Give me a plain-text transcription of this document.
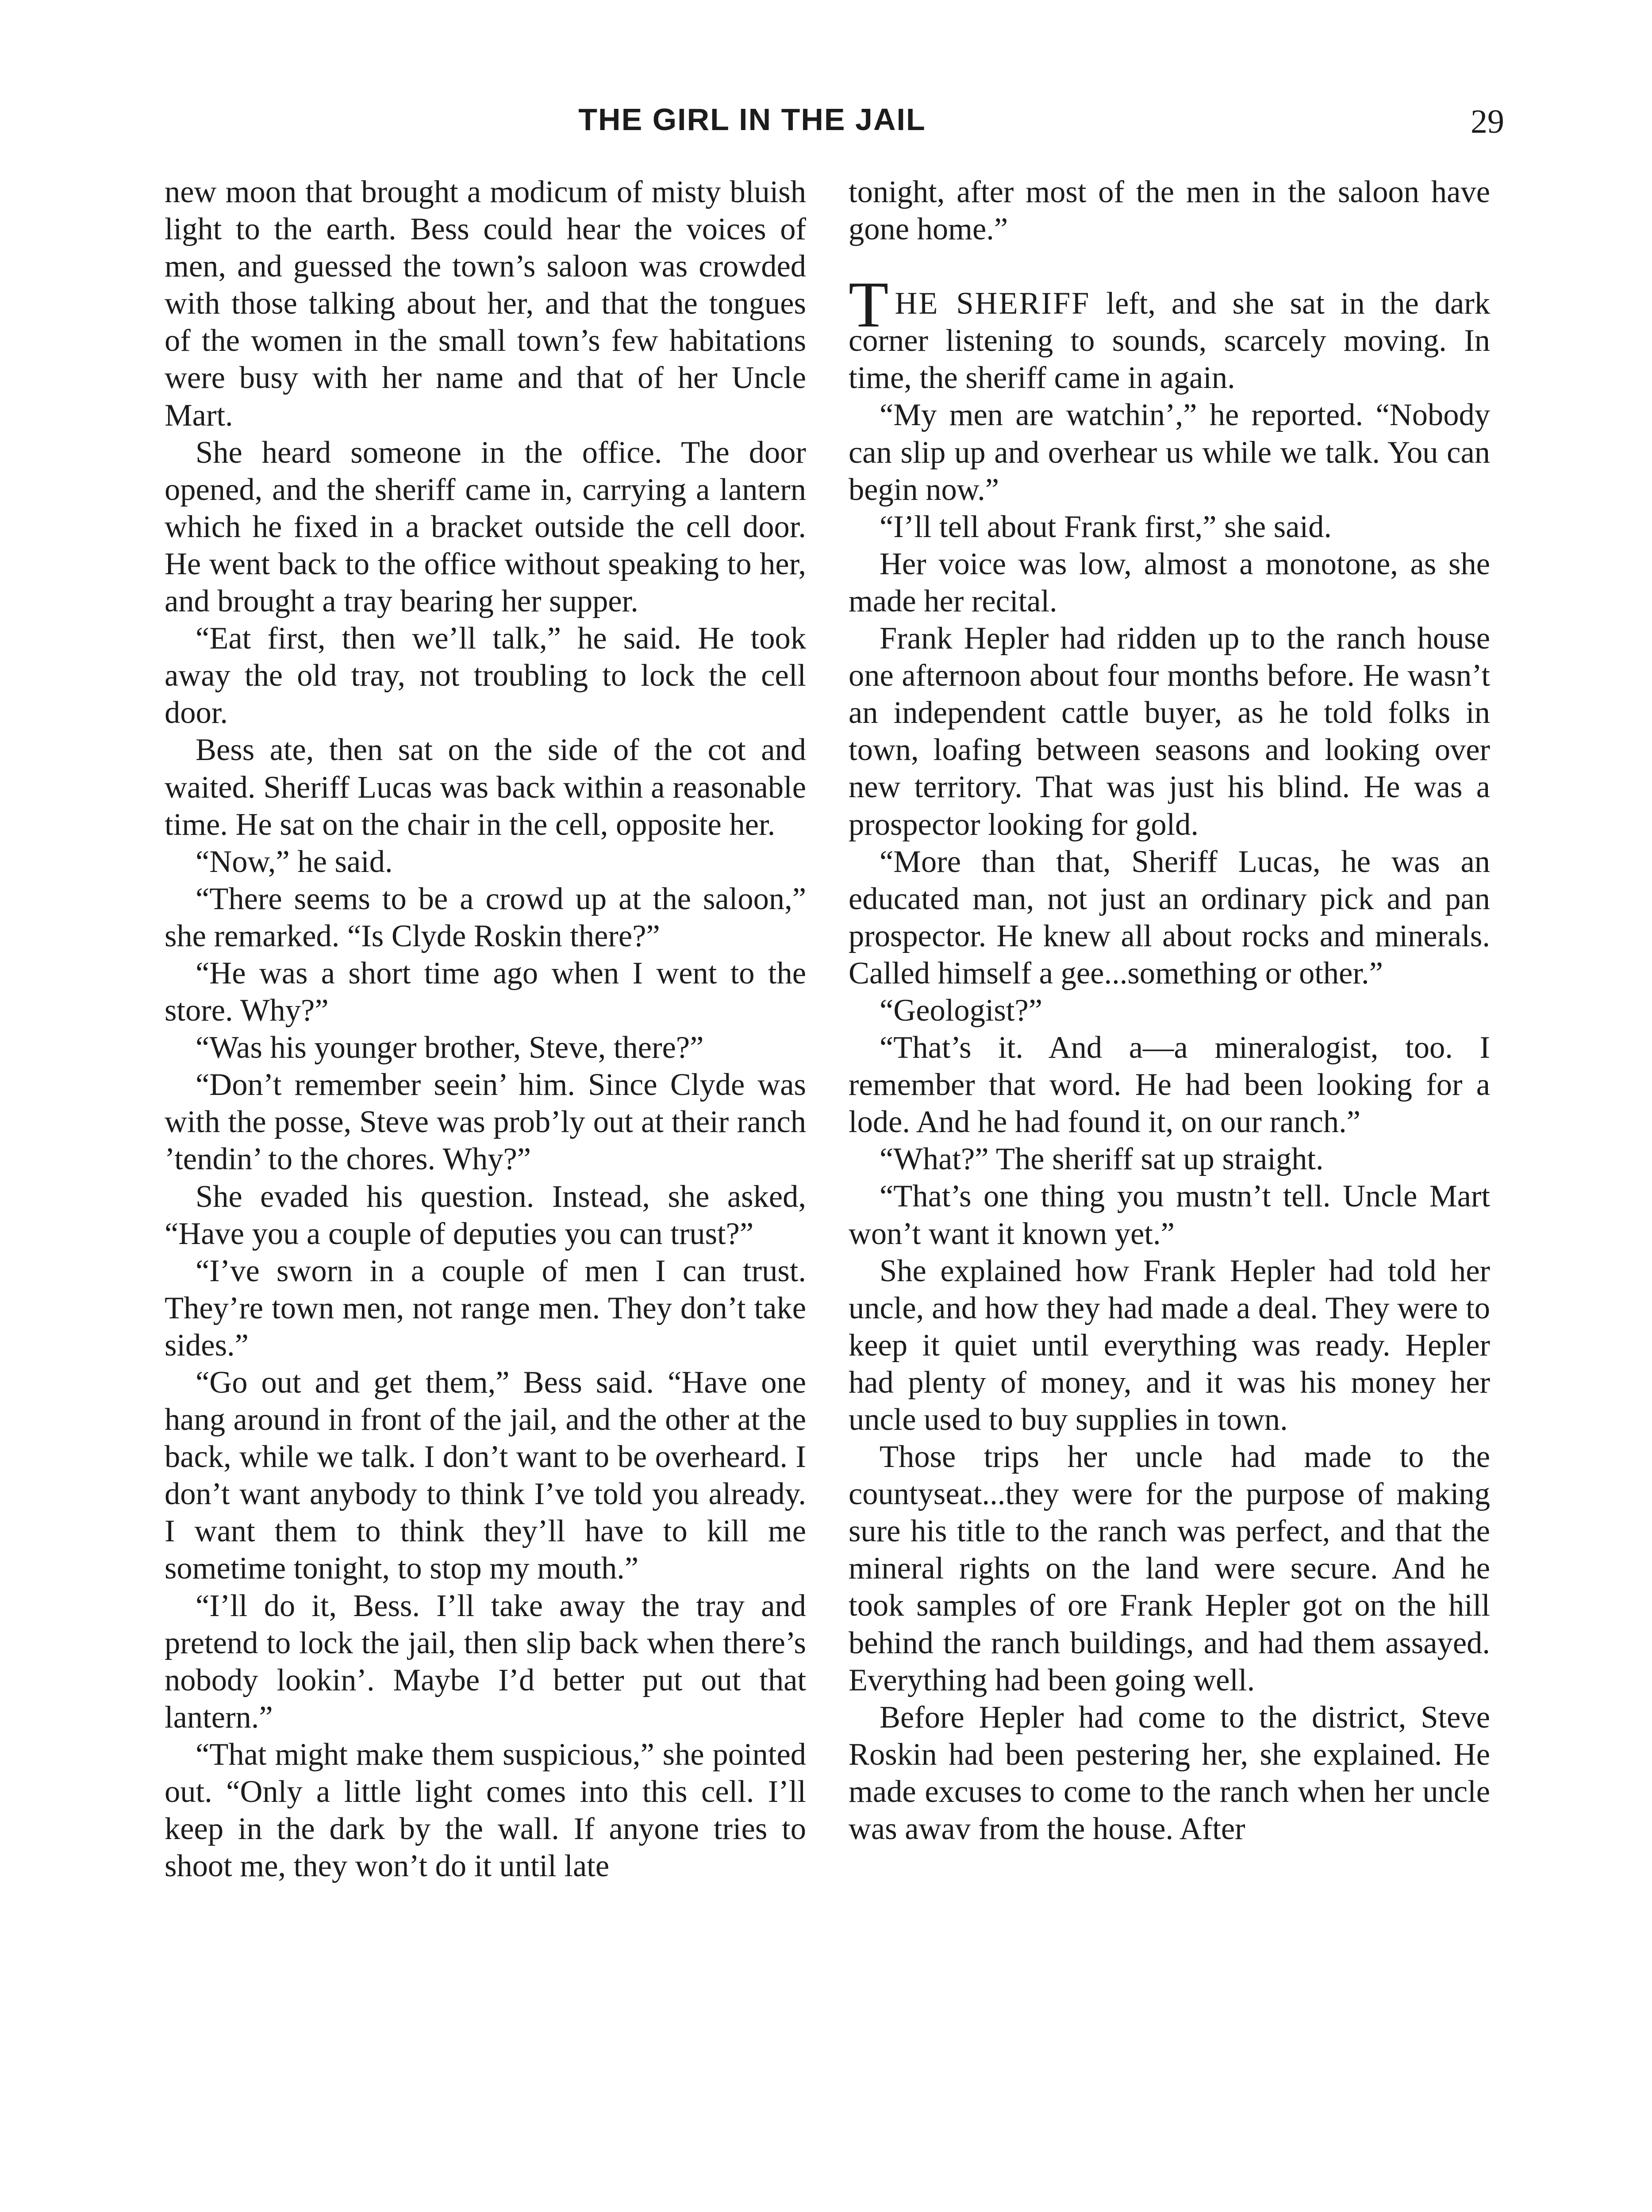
THE GIRL IN THE JAIL	29

new moon that brought a modicum of misty bluish light to the earth. Bess could hear the voices of men, and guessed the town’s saloon was crowded with those talking about her, and that the tongues of the women in the small town’s few habitations were busy with her name and that of her Uncle Mart.

She heard someone in the office. The door opened, and the sheriff came in, carrying a lantern which he fixed in a bracket outside the cell door. He went back to the office without speaking to her, and brought a tray bearing her supper.

“Eat first, then we’ll talk,” he said. He took away the old tray, not troubling to lock the cell door.

Bess ate, then sat on the side of the cot and waited. Sheriff Lucas was back within a reasonable time. He sat on the chair in the cell, opposite her.

“Now,” he said.

“There seems to be a crowd up at the saloon,” she remarked. “Is Clyde Roskin there?”

“He was a short time ago when I went to the store. Why?”

“Was his younger brother, Steve, there?”

“Don’t remember seein’ him. Since Clyde was with the posse, Steve was prob’ly out at their ranch ’tendin’ to the chores. Why?”

She evaded his question. Instead, she asked, “Have you a couple of deputies you can trust?”

“I’ve sworn in a couple of men I can trust. They’re town men, not range men. They don’t take sides.”

“Go out and get them,” Bess said. “Have one hang around in front of the jail, and the other at the back, while we talk. I don’t want to be overheard. I don’t want anybody to think I’ve told you already. I want them to think they’ll have to kill me sometime tonight, to stop my mouth.”

“I’ll do it, Bess. I’ll take away the tray and pretend to lock the jail, then slip back when there’s nobody lookin’. Maybe I’d better put out that lantern.”

“That might make them suspicious,” she pointed out. “Only a little light comes into this cell. I’ll keep in the dark by the wall. If anyone tries to shoot me, they won’t do it until late

tonight, after most of the men in the saloon have gone home.”

THE SHERIFF left, and she sat in the dark corner listening to sounds, scarcely moving. In time, the sheriff came in again.

“My men are watchin’,” he reported. “Nobody can slip up and overhear us while we talk. You can begin now.”

“I’ll tell about Frank first,” she said.

Her voice was low, almost a monotone, as she made her recital.

Frank Hepler had ridden up to the ranch house one afternoon about four months before. He wasn’t an independent cattle buyer, as he told folks in town, loafing between seasons and looking over new territory. That was just his blind. He was a prospector looking for gold.

“More than that, Sheriff Lucas, he was an educated man, not just an ordinary pick and pan prospector. He knew all about rocks and minerals. Called himself a gee...something or other.”

“Geologist?”

“That’s it. And a—a mineralogist, too. I remember that word. He had been looking for a lode. And he had found it, on our ranch.”

“What?” The sheriff sat up straight.

“That’s one thing you mustn’t tell. Uncle Mart won’t want it known yet.”

She explained how Frank Hepler had told her uncle, and how they had made a deal. They were to keep it quiet until everything was ready. Hepler had plenty of money, and it was his money her uncle used to buy supplies in town.

Those trips her uncle had made to the countyseat...they were for the purpose of making sure his title to the ranch was perfect, and that the mineral rights on the land were secure. And he took samples of ore Frank Hepler got on the hill behind the ranch buildings, and had them assayed. Everything had been going well.

Before Hepler had come to the district, Steve Roskin had been pestering her, she explained. He made excuses to come to the ranch when her uncle was awav from the house. After
